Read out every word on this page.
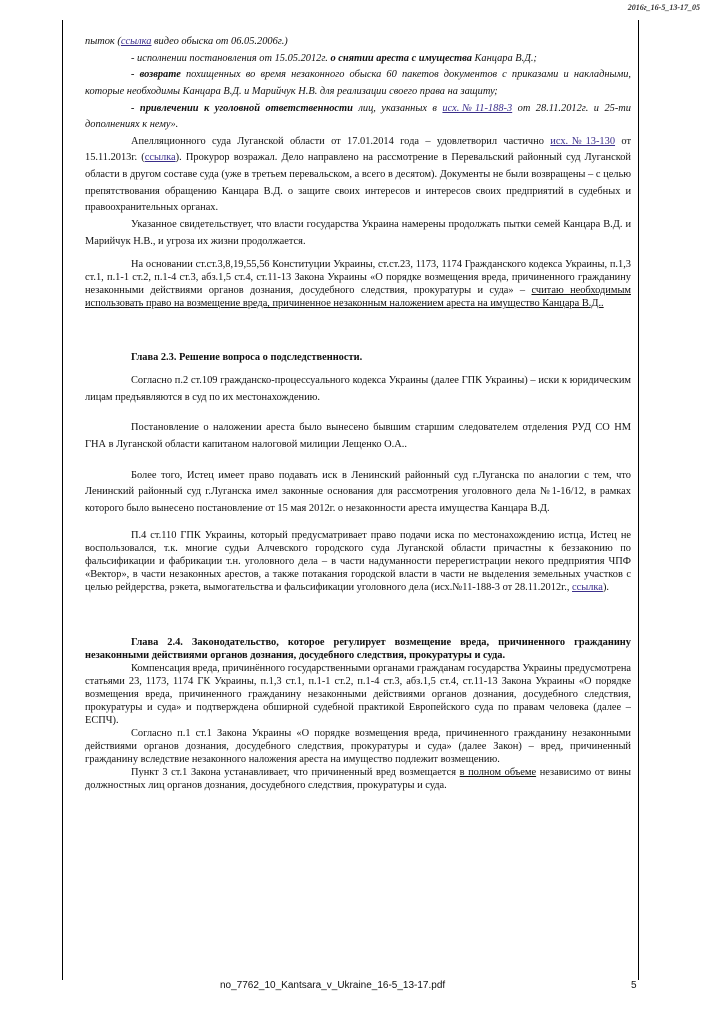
2016г_16-5_13-17_05

пыток (ссылка видео обыска от 06.05.2006г.)

- исполнении постановления от 15.05.2012г. о снятии ареста с имущества Канцара В.Д.;

- возврате похищенных во время незаконного обыска 60 пакетов документов с приказами и накладными, которые необходимы Канцара В.Д. и Марийчук Н.В. для реализации своего права на защиту;

- привлечении к уголовной ответственности лиц, указанных в исх.№11-188-3 от 28.11.2012г. и 25-ти дополнениях к нему».

Апелляционного суда Луганской области от 17.01.2014 года – удовлетворил частично исх.№13-130 от 15.11.2013г. (ссылка). Прокурор возражал. Дело направлено на рассмотрение в Перевальский районный суд Луганской области в другом составе суда (уже в третьем перевальском, а всего в десятом). Документы не были возвращены – с целью препятствования обращению Канцара В.Д. о защите своих интересов и интересов своих предприятий в судебных и правоохранительных органах.

Указанное свидетельствует, что власти государства Украина намерены продолжать пытки семей Канцара В.Д. и Марийчук Н.В., и угроза их жизни продолжается.

На основании ст.ст.3,8,19,55,56 Конституции Украины, ст.ст.23, 1173, 1174 Гражданского кодекса Украины, п.1,3 ст.1, п.1-1 ст.2, п.1-4 ст.3, абз.1,5 ст.4, ст.11-13 Закона Украины «О порядке возмещения вреда, причиненного гражданину незаконными действиями органов дознания, досудебного следствия, прокуратуры и суда» – считаю необходимым использовать право на возмещение вреда, причиненное незаконным наложением ареста на имущество Канцара В.Д..

Глава 2.3. Решение вопроса о подследственности.

Согласно п.2 ст.109 гражданско-процессуального кодекса Украины (далее ГПК Украины) – иски к юридическим лицам предъявляются в суд по их местонахождению.

Постановление о наложении ареста было вынесено бывшим старшим следователем отделения РУД СО НМ ГНА в Луганской области капитаном налоговой милиции Лещенко О.А..

Более того, Истец имеет право подавать иск в Ленинский районный суд г.Луганска по аналогии с тем, что Ленинский районный суд г.Луганска имел законные основания для рассмотрения уголовного дела №1-16/12, в рамках которого было вынесено постановление от 15 мая 2012г. о незаконности ареста имущества Канцара В.Д.

П.4 ст.110 ГПК Украины, который предусматривает право подачи иска по местонахождению истца, Истец не воспользовался, т.к. многие судьи Алчевского городского суда Луганской области причастны к беззаконию по фальсификации и фабрикации т.н. уголовного дела – в части надуманности перерегистрации некого предприятия ЧПФ «Вектор», в части незаконных арестов, а также потакания городской власти в части не выделения земельных участков с целью рейдерства, рэкета, вымогательства и фальсификации уголовного дела (исх.№11-188-3 от 28.11.2012г., ссылка).

Глава 2.4. Законодательство, которое регулирует возмещение вреда, причиненного гражданину незаконными действиями органов дознания, досудебного следствия, прокуратуры и суда.

Компенсация вреда, причинённого государственными органами гражданам государства Украины предусмотрена статьями 23, 1173, 1174 ГК Украины, п.1,3 ст.1, п.1-1 ст.2, п.1-4 ст.3, абз.1,5 ст.4, ст.11-13 Закона Украины «О порядке возмещения вреда, причиненного гражданину незаконными действиями органов дознания, досудебного следствия, прокуратуры и суда» и подтверждена обширной судебной практикой Европейского суда по правам человека (далее – ЕСПЧ).

Согласно п.1 ст.1 Закона Украины «О порядке возмещения вреда, причиненного гражданину незаконными действиями органов дознания, досудебного следствия, прокуратуры и суда» (далее Закон) – вред, причиненный гражданину вследствие незаконного наложения ареста на имущество подлежит возмещению.

Пункт 3 ст.1 Закона устанавливает, что причиненный вред возмещается в полном объеме независимо от вины должностных лиц органов дознания, досудебного следствия, прокуратуры и суда.

no_7762_10_Kantsara_v_Ukraine_16-5_13-17.pdf	5
